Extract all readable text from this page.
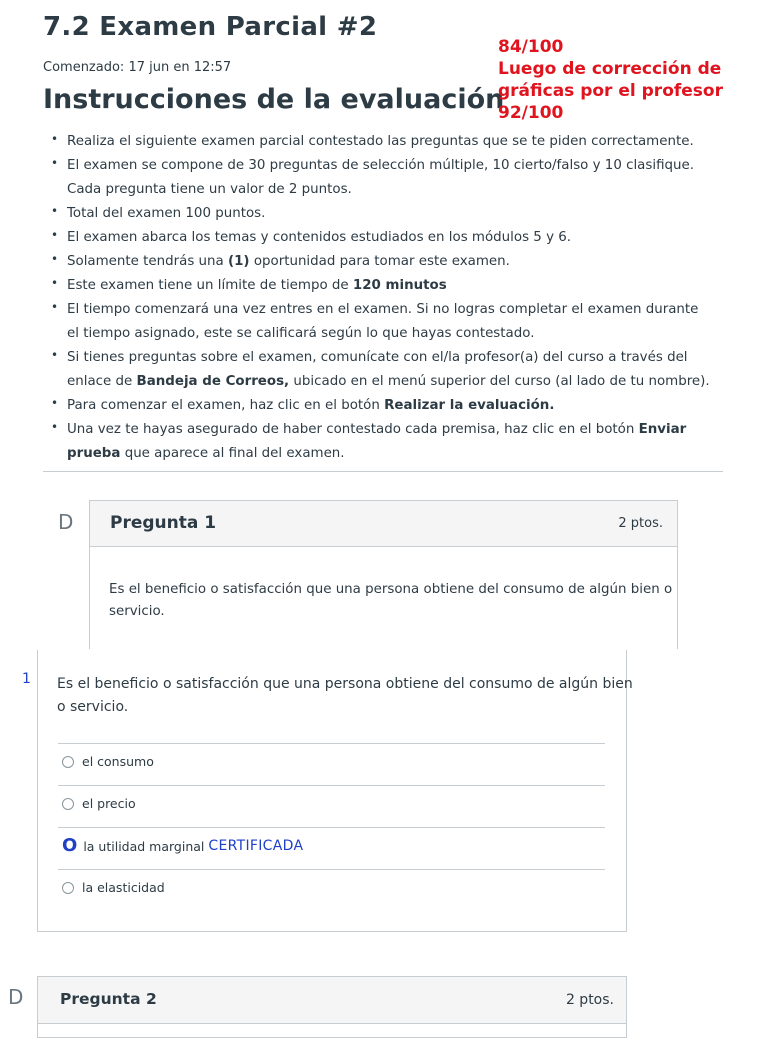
7.2 Examen Parcial #2
Comenzado: 17 jun en 12:57
Instrucciones de la evaluación
84/100
Luego de corrección de
gráficas por el profesor
92/100
• Realiza el siguiente examen parcial contestado las preguntas que se te piden correctamente.
• El examen se compone de 30 preguntas de selección múltiple, 10 cierto/falso y 10 clasifique.
Cada pregunta tiene un valor de 2 puntos.
• Total del examen 100 puntos.
• El examen abarca los temas y contenidos estudiados en los módulos 5 y 6.
• Solamente tendrás una (1) oportunidad para tomar este examen.
• Este examen tiene un límite de tiempo de 120 minutos
• El tiempo comenzará una vez entres en el examen. Si no logras completar el examen durante
el tiempo asignado, este se calificará según lo que hayas contestado.
• Si tienes preguntas sobre el examen, comunícate con el/la profesor(a) del curso a través del
enlace de Bandeja de Correos, ubicado en el menú superior del curso (al lado de tu nombre).
• Para comenzar el examen, haz clic en el botón Realizar la evaluación.
• Una vez te hayas asegurado de haber contestado cada premisa, haz clic en el botón Enviar
prueba que aparece al final del examen.
D Pregunta 1	2 ptos.
Es el beneficio o satisfacción que una persona obtiene del consumo de algún bien o servicio.
1 Es el beneficio o satisfacción que una persona obtiene del consumo de algún bien o servicio.
el consumo
el precio
O la utilidad marginal CERTIFICADA
la elasticidad
D Pregunta 2	2 ptos.
